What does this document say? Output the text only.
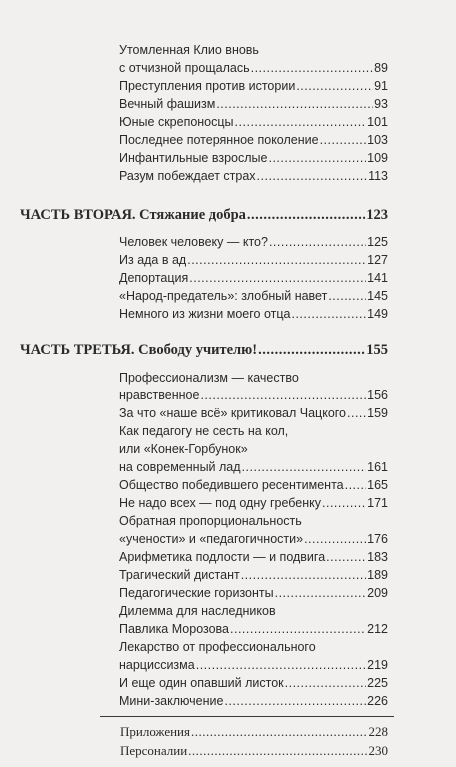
Утомленная Клио вновь
с отчизной прощалась .....	89
Преступления против истории .....	91
Вечный фашизм .....	93
Юные скрепоносцы .....	101
Последнее потерянное поколение .....	103
Инфантильные взрослые .....	109
Разум побеждает страх .....	113
ЧАСТЬ ВТОРАЯ. Стяжание добра .....	123
Человек человеку — кто? .....	125
Из ада в ад .....	127
Депортация .....	141
«Народ-предатель»: злобный навет .....	145
Немного из жизни моего отца .....	149
ЧАСТЬ ТРЕТЬЯ. Свободу учителю! .....	155
Профессионализм — качество
нравственное .....	156
За что «наше всё» критиковал Чацкого ..... 159
Как педагогу не сесть на кол,
или «Конек-Горбунок»
на современный лад .....	161
Общество победившего ресентимента ..... 165
Не надо всех — под одну гребенку .....	171
Обратная пропорциональность
«учености» и «педагогичности» .....	176
Арифметика подлости — и подвига .....	183
Трагический дистант .....	189
Педагогические горизонты .....	209
Дилемма для наследников
Павлика Морозова .....	212
Лекарство от профессионального
нарциссизма .....	219
И еще один опавший листок .....	225
Мини-заключение .....	226
Приложения .....	228
Персоналии .....	230
